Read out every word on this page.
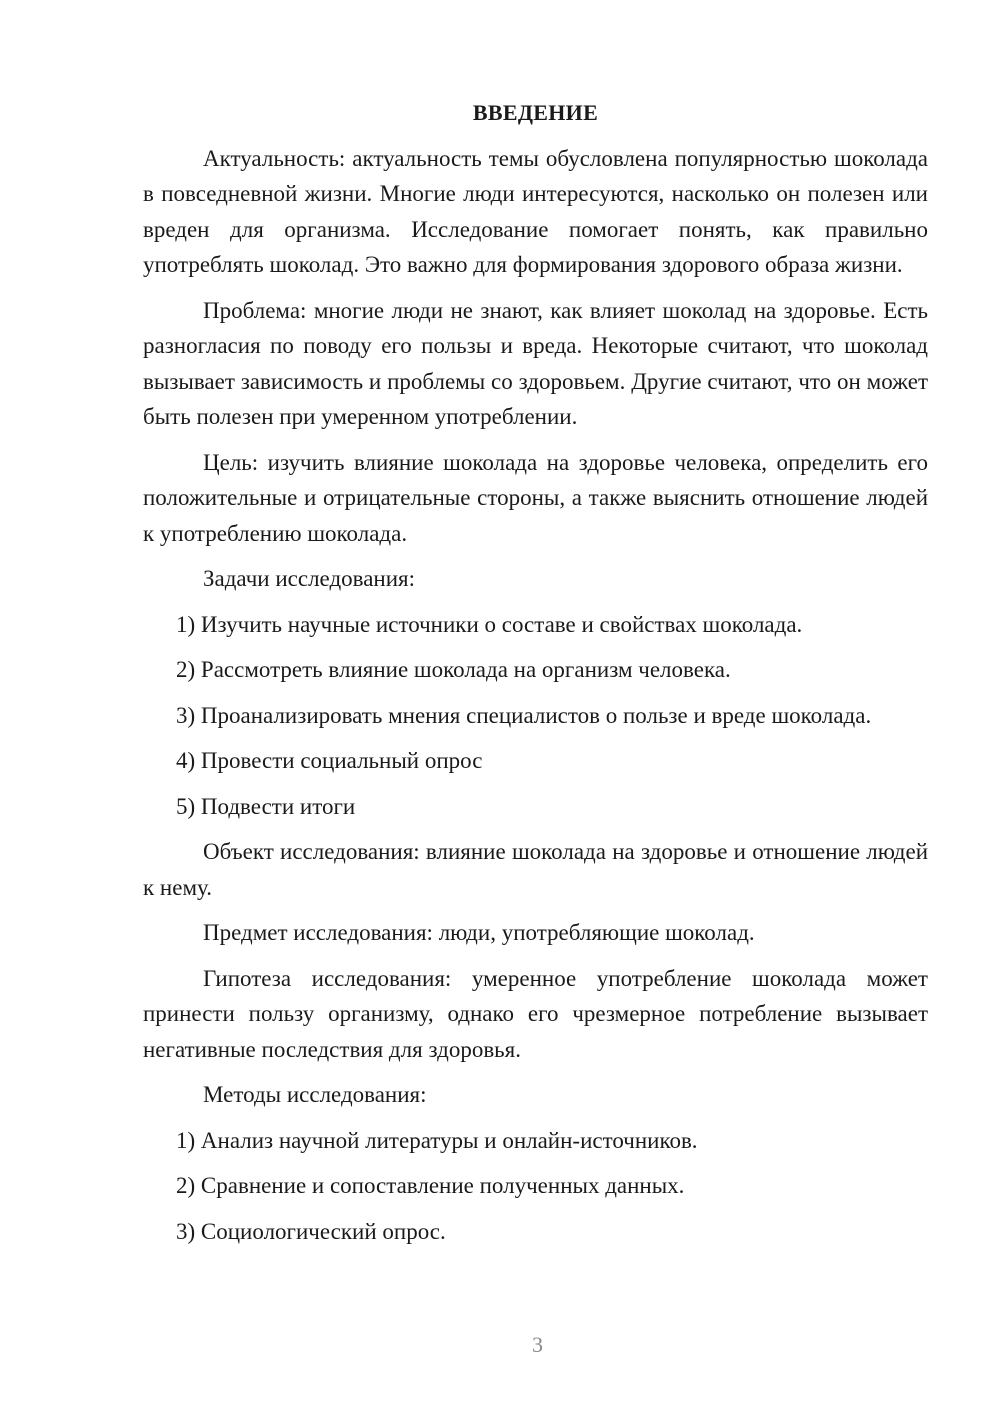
ВВЕДЕНИЕ

Актуальность: актуальность темы обусловлена популярностью шоколада в повседневной жизни. Многие люди интересуются, насколько он полезен или вреден для организма. Исследование помогает понять, как правильно употреблять шоколад. Это важно для формирования здорового образа жизни.

Проблема: многие люди не знают, как влияет шоколад на здоровье. Есть разногласия по поводу его пользы и вреда. Некоторые считают, что шоколад вызывает зависимость и проблемы со здоровьем. Другие считают, что он может быть полезен при умеренном употреблении.

Цель: изучить влияние шоколада на здоровье человека, определить его положительные и отрицательные стороны, а также выяснить отношение людей к употреблению шоколада.

Задачи исследования:

1) Изучить научные источники о составе и свойствах шоколада.

2) Рассмотреть влияние шоколада на организм человека.

3) Проанализировать мнения специалистов о пользе и вреде шоколада.

4) Провести социальный опрос

5) Подвести итоги

Объект исследования: влияние шоколада на здоровье и отношение людей к нему.

Предмет исследования: люди, употребляющие шоколад.

Гипотеза исследования: умеренное употребление шоколада может принести пользу организму, однако его чрезмерное потребление вызывает негативные последствия для здоровья.

Методы исследования:

1) Анализ научной литературы и онлайн-источников.

2) Сравнение и сопоставление полученных данных.

3) Социологический опрос.

3
